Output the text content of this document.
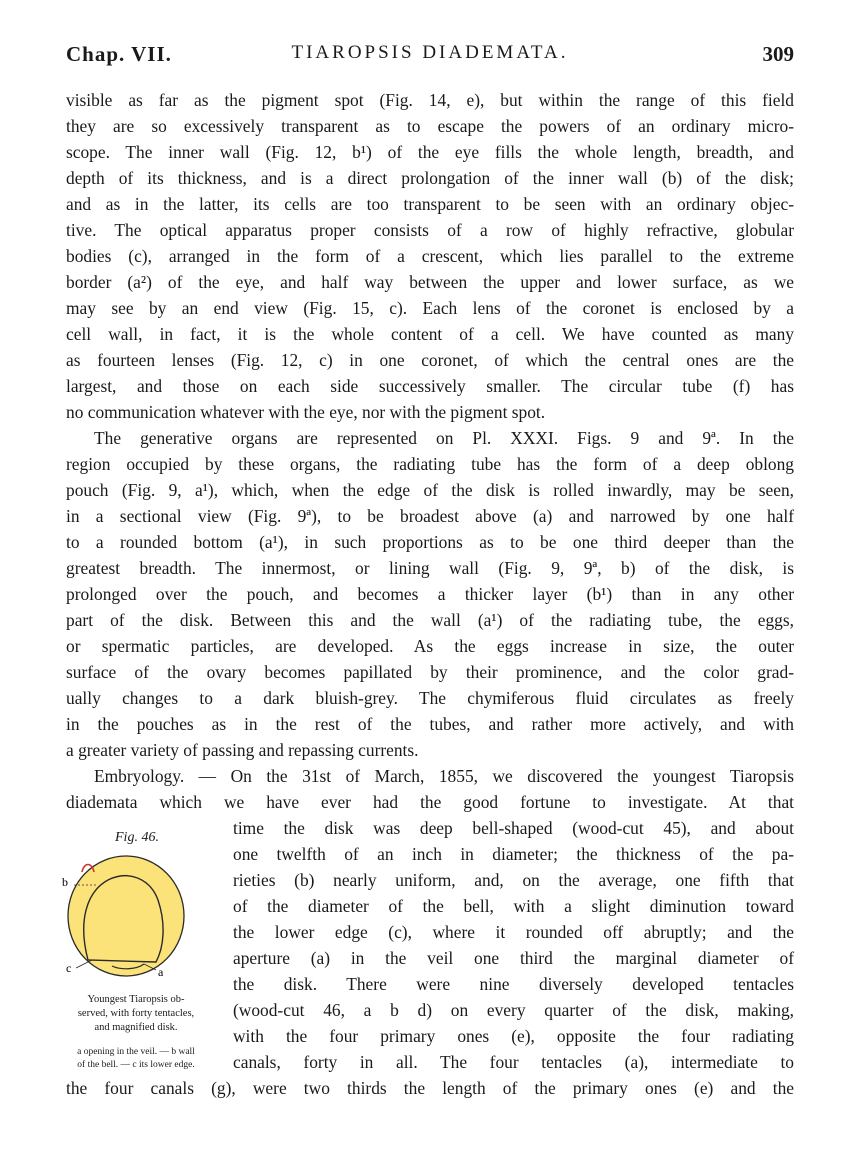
Chap. VII.	TIAROPSIS DIADEMATA.	309
visible as far as the pigment spot (Fig. 14, e), but within the range of this field
they are so excessively transparent as to escape the powers of an ordinary micro-
scope. The inner wall (Fig. 12, b¹) of the eye fills the whole length, breadth, and
depth of its thickness, and is a direct prolongation of the inner wall (b) of the disk;
and as in the latter, its cells are too transparent to be seen with an ordinary objec-
tive. The optical apparatus proper consists of a row of highly refractive, globular
bodies (c), arranged in the form of a crescent, which lies parallel to the extreme
border (a²) of the eye, and half way between the upper and lower surface, as we
may see by an end view (Fig. 15, c). Each lens of the coronet is enclosed by a
cell wall, in fact, it is the whole content of a cell. We have counted as many
as fourteen lenses (Fig. 12, c) in one coronet, of which the central ones are the
largest, and those on each side successively smaller. The circular tube (f) has
no communication whatever with the eye, nor with the pigment spot.
The generative organs are represented on Pl. XXXI. Figs. 9 and 9ª. In the
region occupied by these organs, the radiating tube has the form of a deep oblong
pouch (Fig. 9, a¹), which, when the edge of the disk is rolled inwardly, may be seen,
in a sectional view (Fig. 9ª), to be broadest above (a) and narrowed by one half
to a rounded bottom (a¹), in such proportions as to be one third deeper than the
greatest breadth. The innermost, or lining wall (Fig. 9, 9ª, b) of the disk, is
prolonged over the pouch, and becomes a thicker layer (b¹) than in any other
part of the disk. Between this and the wall (a¹) of the radiating tube, the eggs,
or spermatic particles, are developed. As the eggs increase in size, the outer
surface of the ovary becomes papillated by their prominence, and the color grad-
ually changes to a dark bluish-grey. The chymiferous fluid circulates as freely
in the pouches as in the rest of the tubes, and rather more actively, and with
a greater variety of passing and repassing currents.
Embryology. — On the 31st of March, 1855, we discovered the youngest Tiaropsis
diademata which we have ever had the good fortune to investigate. At that
time the disk was deep bell-shaped (wood-cut 45), and about
one twelfth of an inch in diameter; the thickness of the pa-
rieties (b) nearly uniform, and, on the average, one fifth that
of the diameter of the bell, with a slight diminution toward
the lower edge (c), where it rounded off abruptly; and the
aperture (a) in the veil one third the marginal diameter of
the disk. There were nine diversely developed tentacles
(wood-cut 46, a b d) on every quarter of the disk, making,
with the four primary ones (e), opposite the four radiating
canals, forty in all. The four tentacles (a), intermediate to
the four canals (g), were two thirds the length of the primary ones (e) and the
Fig. 46.
b
c	a
Youngest Tiaropsis ob-
served, with forty tentacles,
and magnified disk.
a opening in the veil. — b wall
of the bell. — c its lower edge.
